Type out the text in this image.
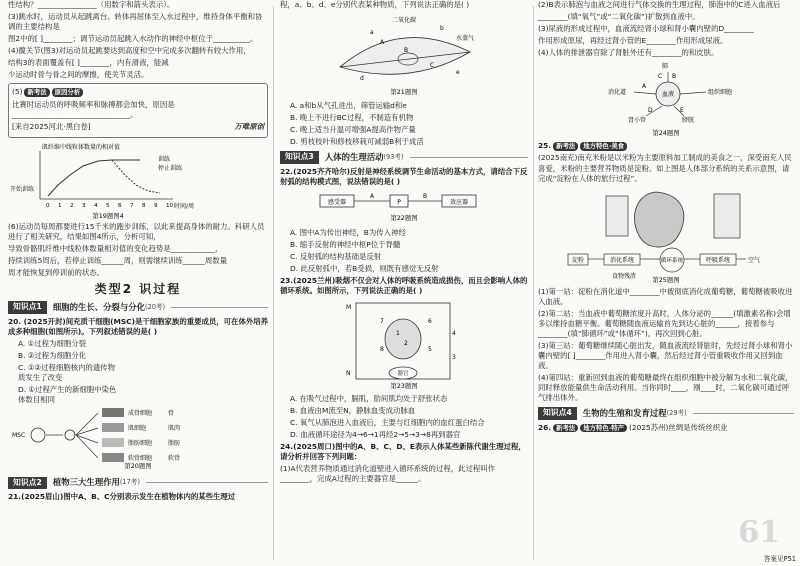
性结构？________________（用数字和箭头表示）。

(3)跳水时，运动员从起跳离台、转体再屈体至入水过程中，维持身体平衡和协调的主要结构是

图2中的[ ]________；调节运动员起跳入水动作的神经中枢位于__________。

(4)髋关节(图3)对运动员起跳要达到高度和空中完成多次翻转有较大作用，

结构3的表面覆盖有[ ]________，内有滑液，能减

少运动时骨与骨之间的摩擦，使关节灵活。

(5) 新考法	原因分析

比赛时运动员的呼吸频率和脉搏都会加快，原因是________________________________。

[来自2025河北·黑白卷]	万唯原创

肌纤维中线粒体数量的相对值
训练
停止训练
开始训练
0 1 2 3 4 5 6 7 8 9 10 时间/周
第19题图4

(6)运动员每周都要进行15千米的跑步训练，以此来提高身体的耐力。科研人员进行了相关研究，结果如图4所示，分析可知，

导致骨骼肌纤维中线粒体数量相对值的变化趋势是____________，

持续训练5周后，若停止训练______周，则需继续训练______周数量

周才能恢复到停训前的状态。

类型2 识过程
知识点1	细胞的生长、分裂与分化 (20考)

20. (2025开封)间充质干细胞(MSC)是干细胞家族的重要成员，可在体外培养成多种细胞(如图所示)。下列叙述错误的是( )

A. ①过程为细胞分裂

B. ②过程为细胞分化

C. ①②过程细胞核内的遗传物质发生了改变

D. ①过程产生的新细胞中染色体数目相同

MSC
成骨细胞
肌细胞
脂肪细胞
软骨细胞
骨
肌肉
脂肪
软骨
第20题图
知识点2	植物三大生理作用 (17考)

21.(2025眉山)图中A、B、C分别表示发生在植物体内的某些生理过

程，a、b、d、e分别代表某种物质，下列说法正确的是( )

二氧化碳
水蒸气
A
B
C
a
b
d
e
第21题图

A. a和b从气孔进出，筛管运输d和e

B. 晚上不进行BC过程，不制造有机物

C. 晚上适当升温可增强A提高作物产量

D. 剪枝枝叶和修枝移栽可减弱B利于成活

知识点3	人体的生理活动 (93考)

22.(2025齐齐哈尔)反射是神经系统调节生命活动的基本方式，请结合下反射弧的结构模式图，说法错误的是( )

感受器
A
P
B
效应器
第22题图

A. 图中A为传出神经，B为传入神经

B. 缩手反射的神经中枢P位于脊髓

C. 反射弧的结构基础是反射

D. 此反射弧中，若B受损，则既有感觉无反射

23.(2025兰州)吸烟不仅会对人体的呼吸系统造成损伤，而且会影响人体的循环系统。如图所示，下列说法正确的是( )

M
N
7
8
6
5
4
1
2
3
器官
第23题图

A. 在吸气过程中，膈肌，肋间肌均处于舒张状态

B. 血液由M流至N，静脉血变成动脉血

C. 氧气从肺泡进入血液后，主要与红细胞内的血红蛋白结合

D. 血液循环途径为4→6→1再经2→5→3→8再到器官

24.(2025周口)图中的A、B、C、D、E表示人体某些新陈代谢生理过程，请分析并回答下列问题：

(1)A代表营养物质通过消化道壁进入循环系统的过程，此过程叫作________，完成A过程的主要器官是______。

(2)B表示肺泡与血液之间进行气体交换的生理过程，肺泡中的C进入血液后

________(填“氧气”或“二氧化碳”)扩散到血液中。

(3)尿液的形成过程中，血液流经肾小球和肾小囊内壁的D________

作用形成原尿，再经过肾小管的E________作用形成尿液。

(4)人体的排泄器官除了肾脏外还有________的和皮肤。

血液
消化道
肺
组织细胞
肾小管	膀胱
A
B
C
D	E
第24题图
25. 新考法	地方特色·美食

(2025南充)南充米粉是以米粉为主要原料加工制成的美食之一，深受南充人民喜爱，米粉的主要营养物质是淀粉。如上图是人体部分系统的关系示意图，请完成“淀粉在人体的旅行过程”。

淀粉	消化系统
食物残渣
循环系统	呼吸系统	空气
第25题图

(1)第一站：淀粉在消化道中________中被彻底消化成葡萄糖，葡萄糖被吸收进入血液。

(2)第二站：当血液中葡萄糖浓度升高时，人体分泌的______(填激素名称)会增多以维持血糖平衡。葡萄糖随血液运输首先到达心脏的______，接着参与________(填“肺循环”或“体循环”)，再次回到心脏。

(3)第三站：葡萄糖继续随心脏出发，随血液流经肾脏时，先经过肾小球和肾小囊内壁的[ ]________作用进入肾小囊，然后经过肾小管重吸收作用又回到血液。

(4)第四站：重新回到血液的葡萄糖最终在组织细胞中被分解为水和二氧化碳，同时释放能量供生命活动利用。当你同时____，刚____时，二氧化碳可通过呼气排出体外。

知识点4	生物的生殖和发育过程 (29考)
26. 新考法	地方特色·特产 (2025苏州)丝绸是传统丝织业
61
答案见P51
